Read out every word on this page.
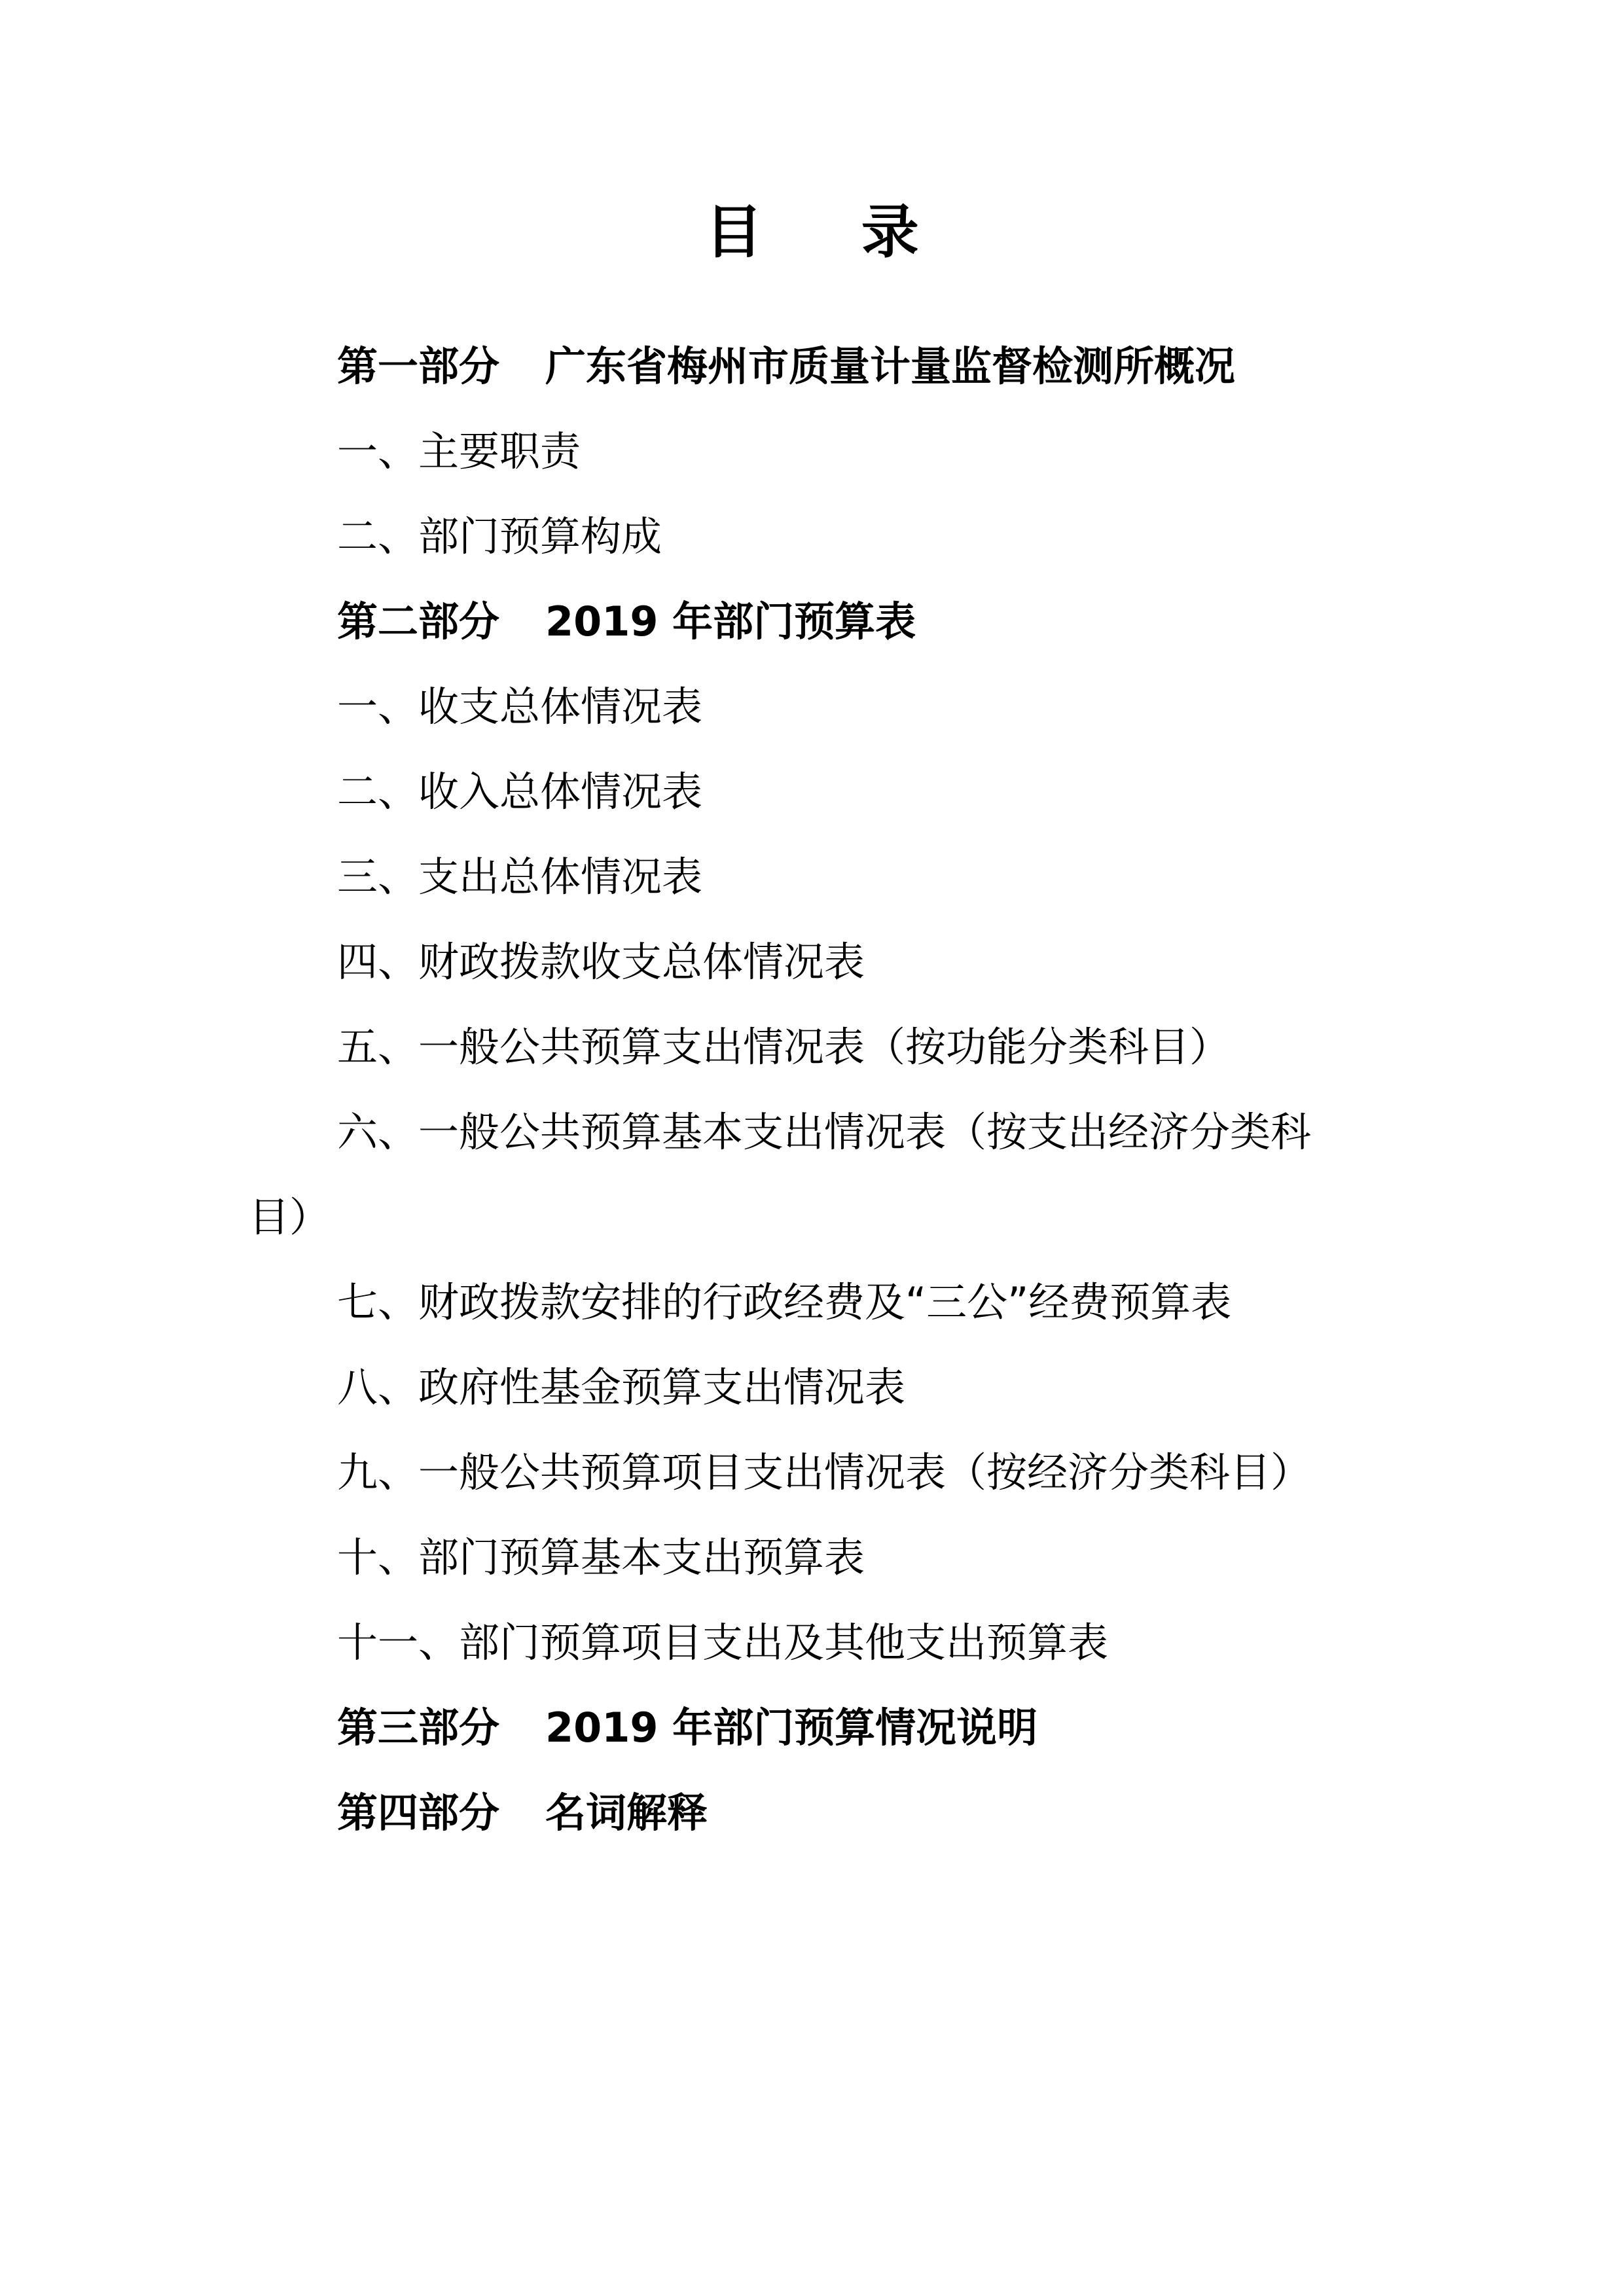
目 录
第一部分 广东省梅州市质量计量监督检测所概况
一、主要职责
二、部门预算构成
第二部分 2019 年部门预算表
一、收支总体情况表
二、收入总体情况表
三、支出总体情况表
四、财政拨款收支总体情况表
五、一般公共预算支出情况表（按功能分类科目）
六、一般公共预算基本支出情况表（按支出经济分类科
目）
七、财政拨款安排的行政经费及“三公”经费预算表
八、政府性基金预算支出情况表
九、一般公共预算项目支出情况表（按经济分类科目）
十、部门预算基本支出预算表
十一、部门预算项目支出及其他支出预算表
第三部分 2019 年部门预算情况说明
第四部分 名词解释
